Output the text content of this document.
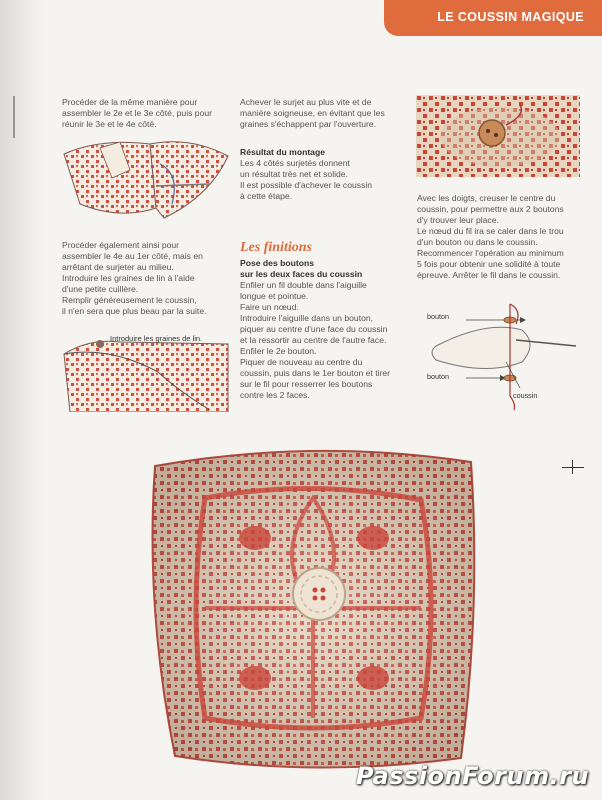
LE COUSSIN MAGIQUE
Procéder de la même manière pour
assembler le 2e et le 3e côté, puis pour
réunir le 3e et le 4e côté.
Procéder également ainsi pour
assembler le 4e au 1er côté, mais en
arrêtant de surjeter au milieu.
Introduire les graines de lin à l'aide
d'une petite cuillère.
Remplir généreusement le coussin,
il n'en sera que plus beau par la suite.
Introduire les graines de lin.
Achever le surjet au plus vite et de
manière soigneuse, en évitant que les
graines s'échappent par l'ouverture.
Résultat du montage
Les 4 côtés surjetés donnent
un résultat très net et solide.
Il est possible d'achever le coussin
à cette étape.
Les finitions
Pose des boutons
sur les deux faces du coussin
Enfiler un fil double dans l'aiguille
longue et pointue.
Faire un nœud.
Introduire l'aiguille dans un bouton,
piquer au centre d'une face du coussin
et la ressortir au centre de l'autre face.
Enfiler le 2e bouton.
Piquer de nouveau au centre du
coussin, puis dans le 1er bouton et tirer
sur le fil pour resserrer les boutons
contre les 2 faces.
Avec les doigts, creuser le centre du
coussin, pour permettre aux 2 boutons
d'y trouver leur place.
Le nœud du fil ira se caler dans le trou
d'un bouton ou dans le coussin.
Recommencer l'opération au minimum
5 fois pour obtenir une solidité à toute
épreuve. Arrêter le fil dans le coussin.
bouton
bouton
coussin
PassionForum.ru
